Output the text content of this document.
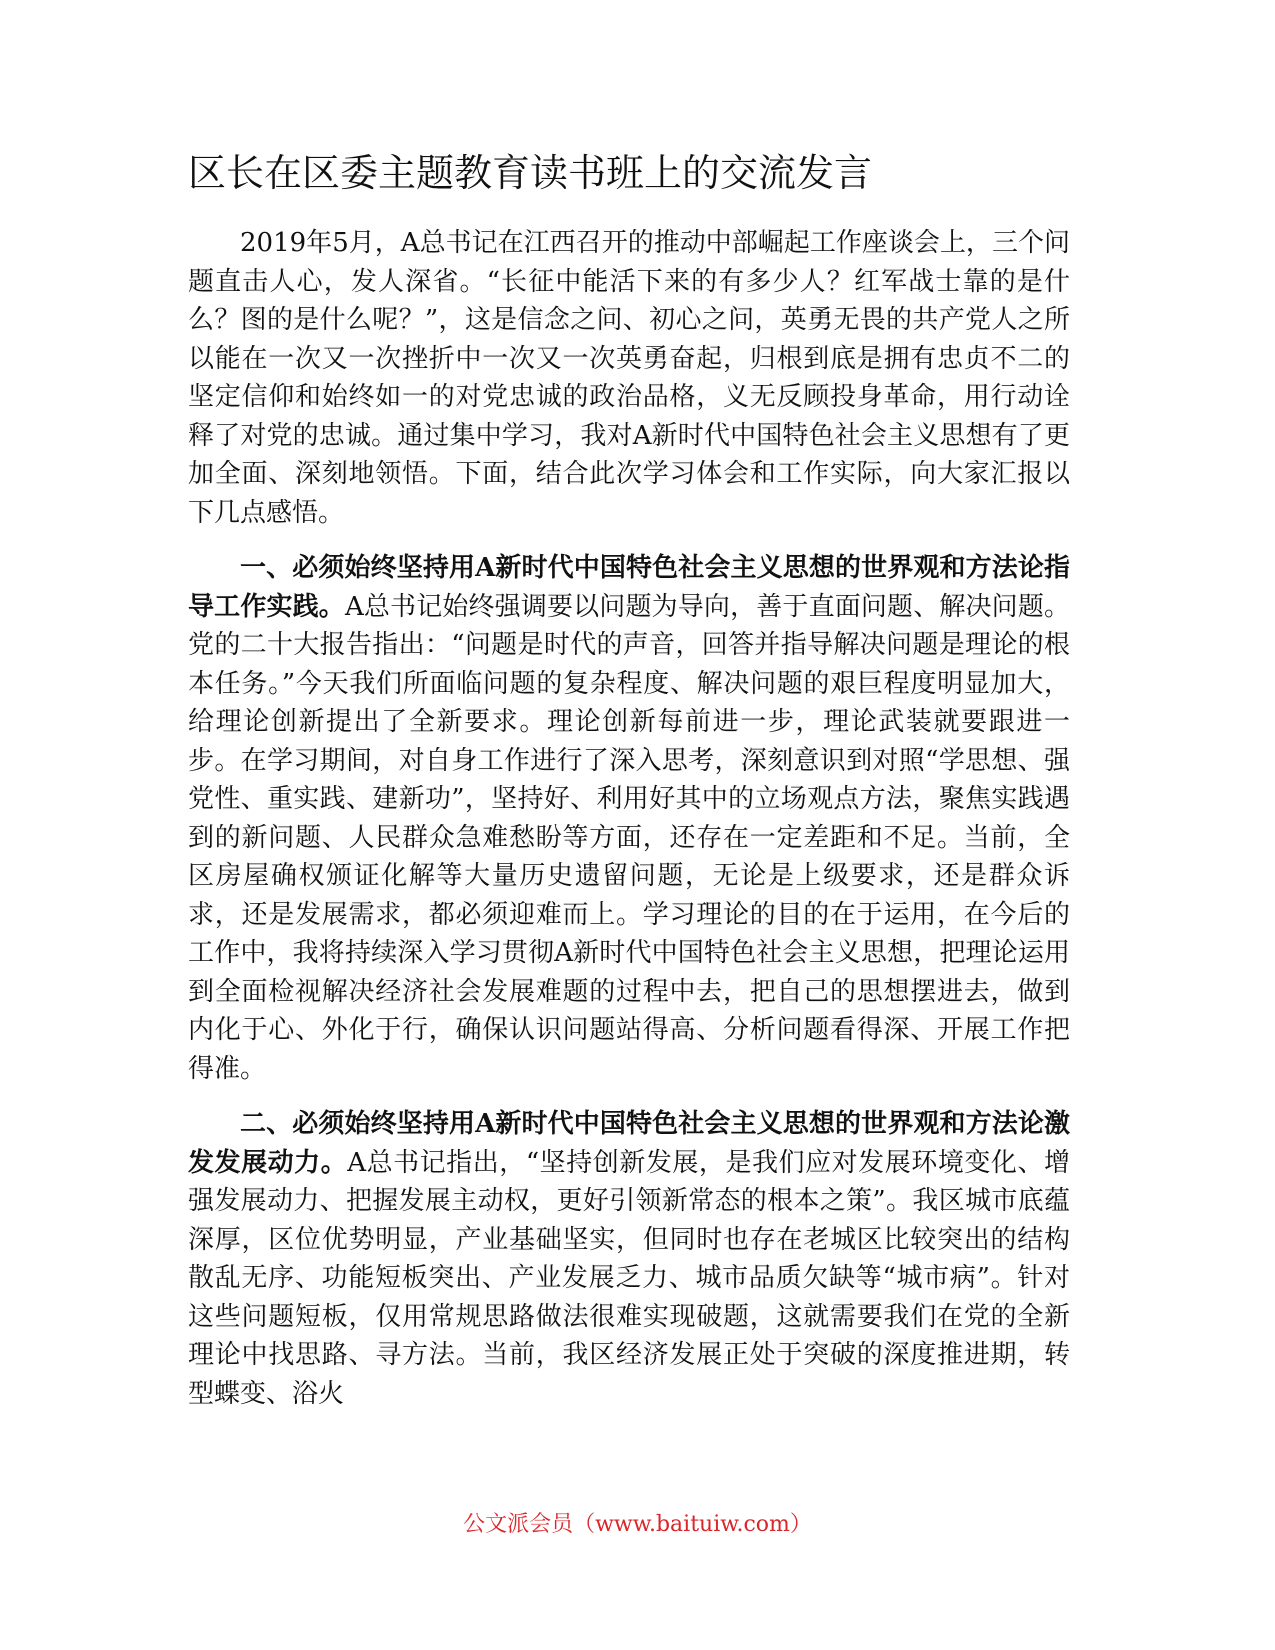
区长在区委主题教育读书班上的交流发言

2019年5月，A总书记在江西召开的推动中部崛起工作座谈会上，三个问题直击人心，发人深省。“长征中能活下来的有多少人？红军战士靠的是什么？图的是什么呢？”，这是信念之问、初心之问，英勇无畏的共产党人之所以能在一次又一次挫折中一次又一次英勇奋起，归根到底是拥有忠贞不二的坚定信仰和始终如一的对党忠诚的政治品格，义无反顾投身革命，用行动诠释了对党的忠诚。通过集中学习，我对A新时代中国特色社会主义思想有了更加全面、深刻地领悟。下面，结合此次学习体会和工作实际，向大家汇报以下几点感悟。

一、必须始终坚持用A新时代中国特色社会主义思想的世界观和方法论指导工作实践。A总书记始终强调要以问题为导向，善于直面问题、解决问题。党的二十大报告指出：“问题是时代的声音，回答并指导解决问题是理论的根本任务。”今天我们所面临问题的复杂程度、解决问题的艰巨程度明显加大，给理论创新提出了全新要求。理论创新每前进一步，理论武装就要跟进一步。在学习期间，对自身工作进行了深入思考，深刻意识到对照“学思想、强党性、重实践、建新功”，坚持好、利用好其中的立场观点方法，聚焦实践遇到的新问题、人民群众急难愁盼等方面，还存在一定差距和不足。当前，全区房屋确权颁证化解等大量历史遗留问题，无论是上级要求，还是群众诉求，还是发展需求，都必须迎难而上。学习理论的目的在于运用，在今后的工作中，我将持续深入学习贯彻A新时代中国特色社会主义思想，把理论运用到全面检视解决经济社会发展难题的过程中去，把自己的思想摆进去，做到内化于心、外化于行，确保认识问题站得高、分析问题看得深、开展工作把得准。

二、必须始终坚持用A新时代中国特色社会主义思想的世界观和方法论激发发展动力。A总书记指出，“坚持创新发展，是我们应对发展环境变化、增强发展动力、把握发展主动权，更好引领新常态的根本之策”。我区城市底蕴深厚，区位优势明显，产业基础坚实，但同时也存在老城区比较突出的结构散乱无序、功能短板突出、产业发展乏力、城市品质欠缺等“城市病”。针对这些问题短板，仅用常规思路做法很难实现破题，这就需要我们在党的全新理论中找思路、寻方法。当前，我区经济发展正处于突破的深度推进期，转型蝶变、浴火

公文派会员（www.baituiw.com）
